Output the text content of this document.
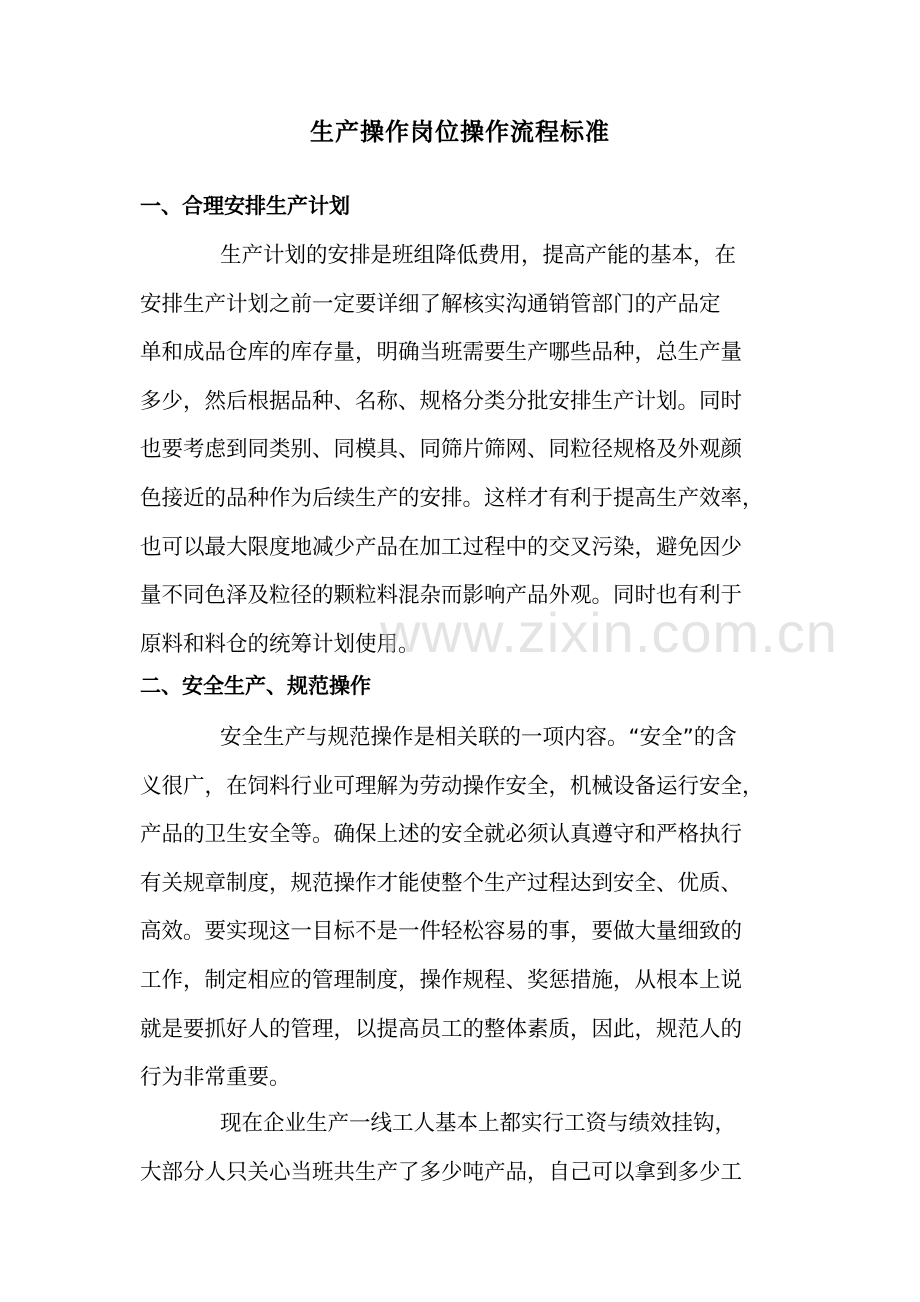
生产操作岗位操作流程标准
一、合理安排生产计划
生产计划的安排是班组降低费用，提高产能的基本，在
安排生产计划之前一定要详细了解核实沟通销管部门的产品定
单和成品仓库的库存量，明确当班需要生产哪些品种，总生产量
多少，然后根据品种、名称、规格分类分批安排生产计划。同时
也要考虑到同类别、同模具、同筛片筛网、同粒径规格及外观颜
色接近的品种作为后续生产的安排。这样才有利于提高生产效率，
也可以最大限度地减少产品在加工过程中的交叉污染，避免因少
量不同色泽及粒径的颗粒料混杂而影响产品外观。同时也有利于
原料和料仓的统筹计划使用。
二、安全生产、规范操作
安全生产与规范操作是相关联的一项内容。“安全”的含
义很广，在饲料行业可理解为劳动操作安全，机械设备运行安全，
产品的卫生安全等。确保上述的安全就必须认真遵守和严格执行
有关规章制度，规范操作才能使整个生产过程达到安全、优质、
高效。要实现这一目标不是一件轻松容易的事，要做大量细致的
工作，制定相应的管理制度，操作规程、奖惩措施，从根本上说
就是要抓好人的管理，以提高员工的整体素质，因此，规范人的
行为非常重要。
现在企业生产一线工人基本上都实行工资与绩效挂钩，
大部分人只关心当班共生产了多少吨产品，自己可以拿到多少工
www.zixin.com.cn
